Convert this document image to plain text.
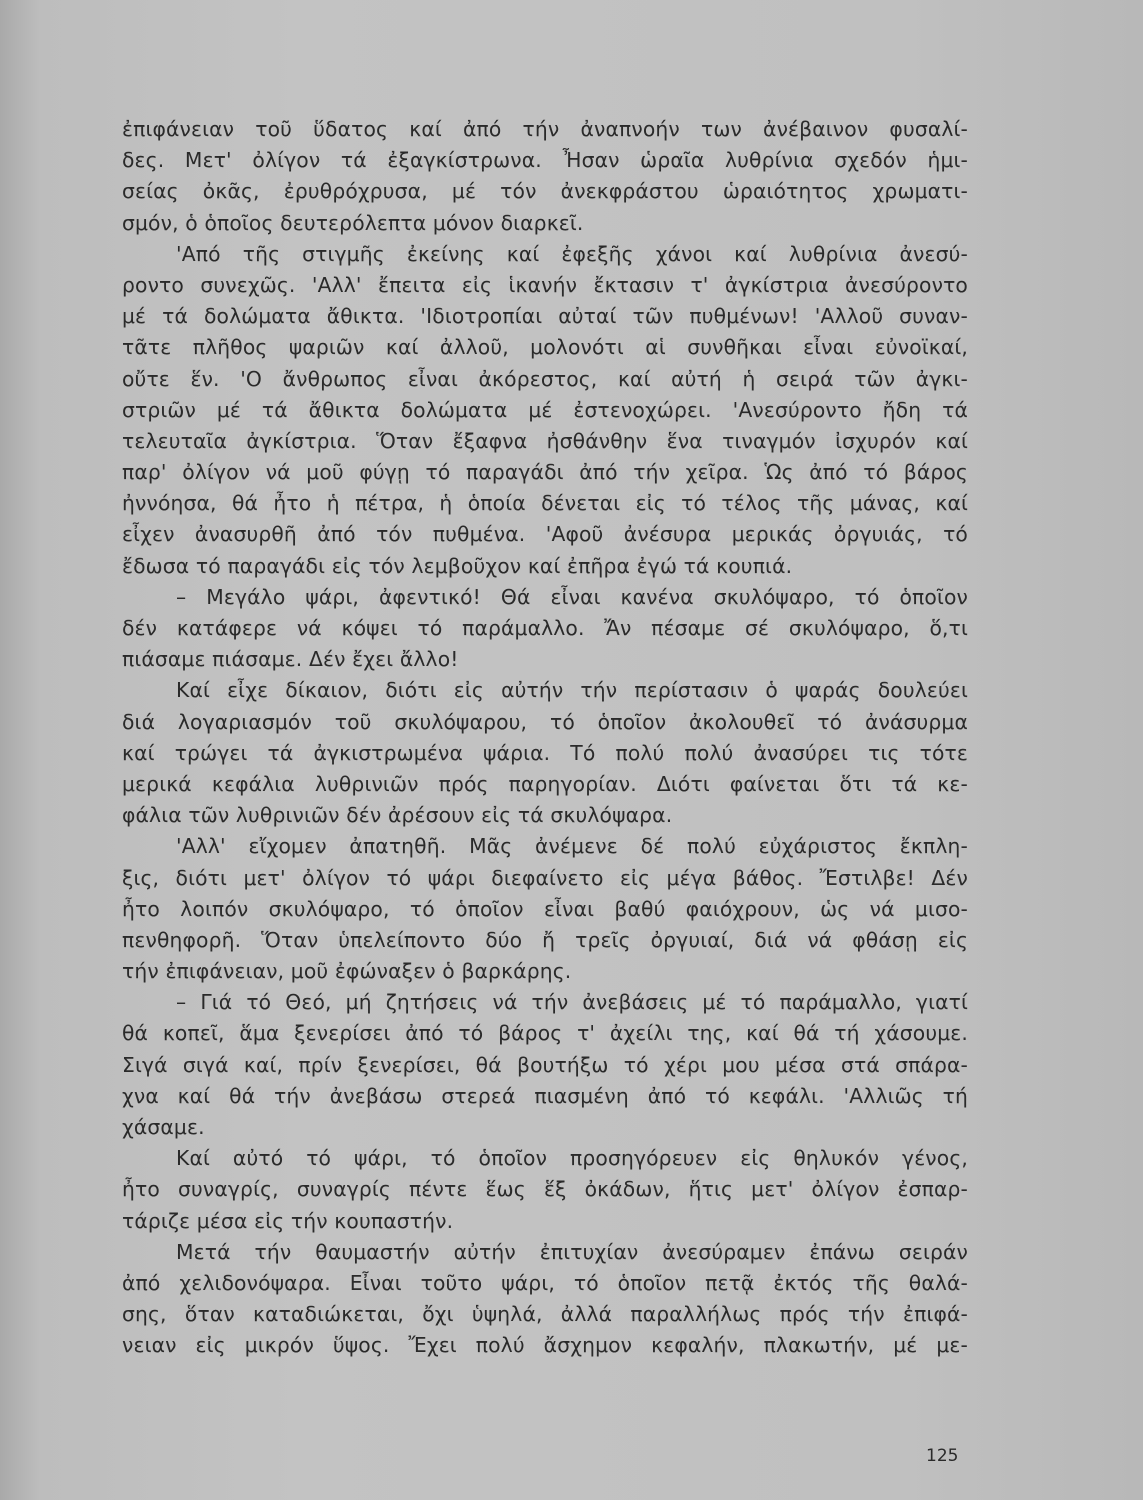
ἐπιφάνειαν τοῦ ὕδατος καί ἀπό τήν ἀναπνοήν των ἀνέβαινον φυσαλί-
δες. Μετ' ὀλίγον τά ἐξαγκίστρωνα. Ἦσαν ὡραῖα λυθρίνια σχεδόν ἡμι-
σείας ὀκᾶς, ἐρυθρόχρυσα, μέ τόν ἀνεκφράστου ὡραιότητος χρωματι-
σμόν, ὁ ὁποῖος δευτερόλεπτα μόνον διαρκεῖ.
'Από τῆς στιγμῆς ἐκείνης καί ἐφεξῆς χάνοι καί λυθρίνια ἀνεσύ-
ροντο συνεχῶς. 'Αλλ' ἔπειτα εἰς ἱκανήν ἔκτασιν τ' ἀγκίστρια ἀνεσύροντο
μέ τά δολώματα ἄθικτα. 'Ιδιοτροπίαι αὐταί τῶν πυθμένων! 'Αλλοῦ συναν-
τᾶτε πλῆθος ψαριῶν καί ἀλλοῦ, μολονότι αἱ συνθῆκαι εἶναι εὐνοϊκαί,
οὔτε ἕν. 'Ο ἄνθρωπος εἶναι ἀκόρεστος, καί αὐτή ἡ σειρά τῶν ἀγκι-
στριῶν μέ τά ἄθικτα δολώματα μέ ἐστενοχώρει. 'Ανεσύροντο ἤδη τά
τελευταῖα ἀγκίστρια. Ὅταν ἔξαφνα ἠσθάνθην ἕνα τιναγμόν ἰσχυρόν καί
παρ' ὀλίγον νά μοῦ φύγῃ τό παραγάδι ἀπό τήν χεῖρα. Ὡς ἀπό τό βάρος
ἠννόησα, θά ἦτο ἡ πέτρα, ἡ ὁποία δένεται εἰς τό τέλος τῆς μάνας, καί
εἶχεν ἀνασυρθῆ ἀπό τόν πυθμένα. 'Αφοῦ ἀνέσυρα μερικάς ὀργυιάς, τό
ἔδωσα τό παραγάδι εἰς τόν λεμβοῦχον καί ἐπῆρα ἐγώ τά κουπιά.
– Μεγάλο ψάρι, ἀφεντικό! Θά εἶναι κανένα σκυλόψαρο, τό ὁποῖον
δέν κατάφερε νά κόψει τό παράμαλλο. Ἄν πέσαμε σέ σκυλόψαρο, ὅ,τι
πιάσαμε πιάσαμε. Δέν ἔχει ἄλλο!
Καί εἶχε δίκαιον, διότι εἰς αὐτήν τήν περίστασιν ὁ ψαράς δουλεύει
διά λογαριασμόν τοῦ σκυλόψαρου, τό ὁποῖον ἀκολουθεῖ τό ἀνάσυρμα
καί τρώγει τά ἀγκιστρωμένα ψάρια. Τό πολύ πολύ ἀνασύρει τις τότε
μερικά κεφάλια λυθρινιῶν πρός παρηγορίαν. Διότι φαίνεται ὅτι τά κε-
φάλια τῶν λυθρινιῶν δέν ἀρέσουν εἰς τά σκυλόψαρα.
'Αλλ' εἴχομεν ἀπατηθῆ. Μᾶς ἀνέμενε δέ πολύ εὐχάριστος ἔκπλη-
ξις, διότι μετ' ὀλίγον τό ψάρι διεφαίνετο εἰς μέγα βάθος. Ἔστιλβε! Δέν
ἦτο λοιπόν σκυλόψαρο, τό ὁποῖον εἶναι βαθύ φαιόχρουν, ὡς νά μισο-
πενθηφορῆ. Ὅταν ὑπελείποντο δύο ἤ τρεῖς ὀργυιαί, διά νά φθάσῃ εἰς
τήν ἐπιφάνειαν, μοῦ ἐφώναξεν ὁ βαρκάρης.
– Γιά τό Θεό, μή ζητήσεις νά τήν ἀνεβάσεις μέ τό παράμαλλο, γιατί
θά κοπεῖ, ἅμα ξενερίσει ἀπό τό βάρος τ' ἀχείλι της, καί θά τή χάσουμε.
Σιγά σιγά καί, πρίν ξενερίσει, θά βουτήξω τό χέρι μου μέσα στά σπάρα-
χνα καί θά τήν ἀνεβάσω στερεά πιασμένη ἀπό τό κεφάλι. 'Αλλιῶς τή
χάσαμε.
Καί αὐτό τό ψάρι, τό ὁποῖον προσηγόρευεν εἰς θηλυκόν γένος,
ἦτο συναγρίς, συναγρίς πέντε ἕως ἕξ ὀκάδων, ἥτις μετ' ὀλίγον ἐσπαρ-
τάριζε μέσα εἰς τήν κουπαστήν.
Μετά τήν θαυμαστήν αὐτήν ἐπιτυχίαν ἀνεσύραμεν ἐπάνω σειράν
ἀπό χελιδονόψαρα. Εἶναι τοῦτο ψάρι, τό ὁποῖον πετᾷ ἐκτός τῆς θαλά-
σης, ὅταν καταδιώκεται, ὄχι ὑψηλά, ἀλλά παραλλήλως πρός τήν ἐπιφά-
νειαν εἰς μικρόν ὕψος. Ἔχει πολύ ἄσχημον κεφαλήν, πλακωτήν, μέ με-
125
